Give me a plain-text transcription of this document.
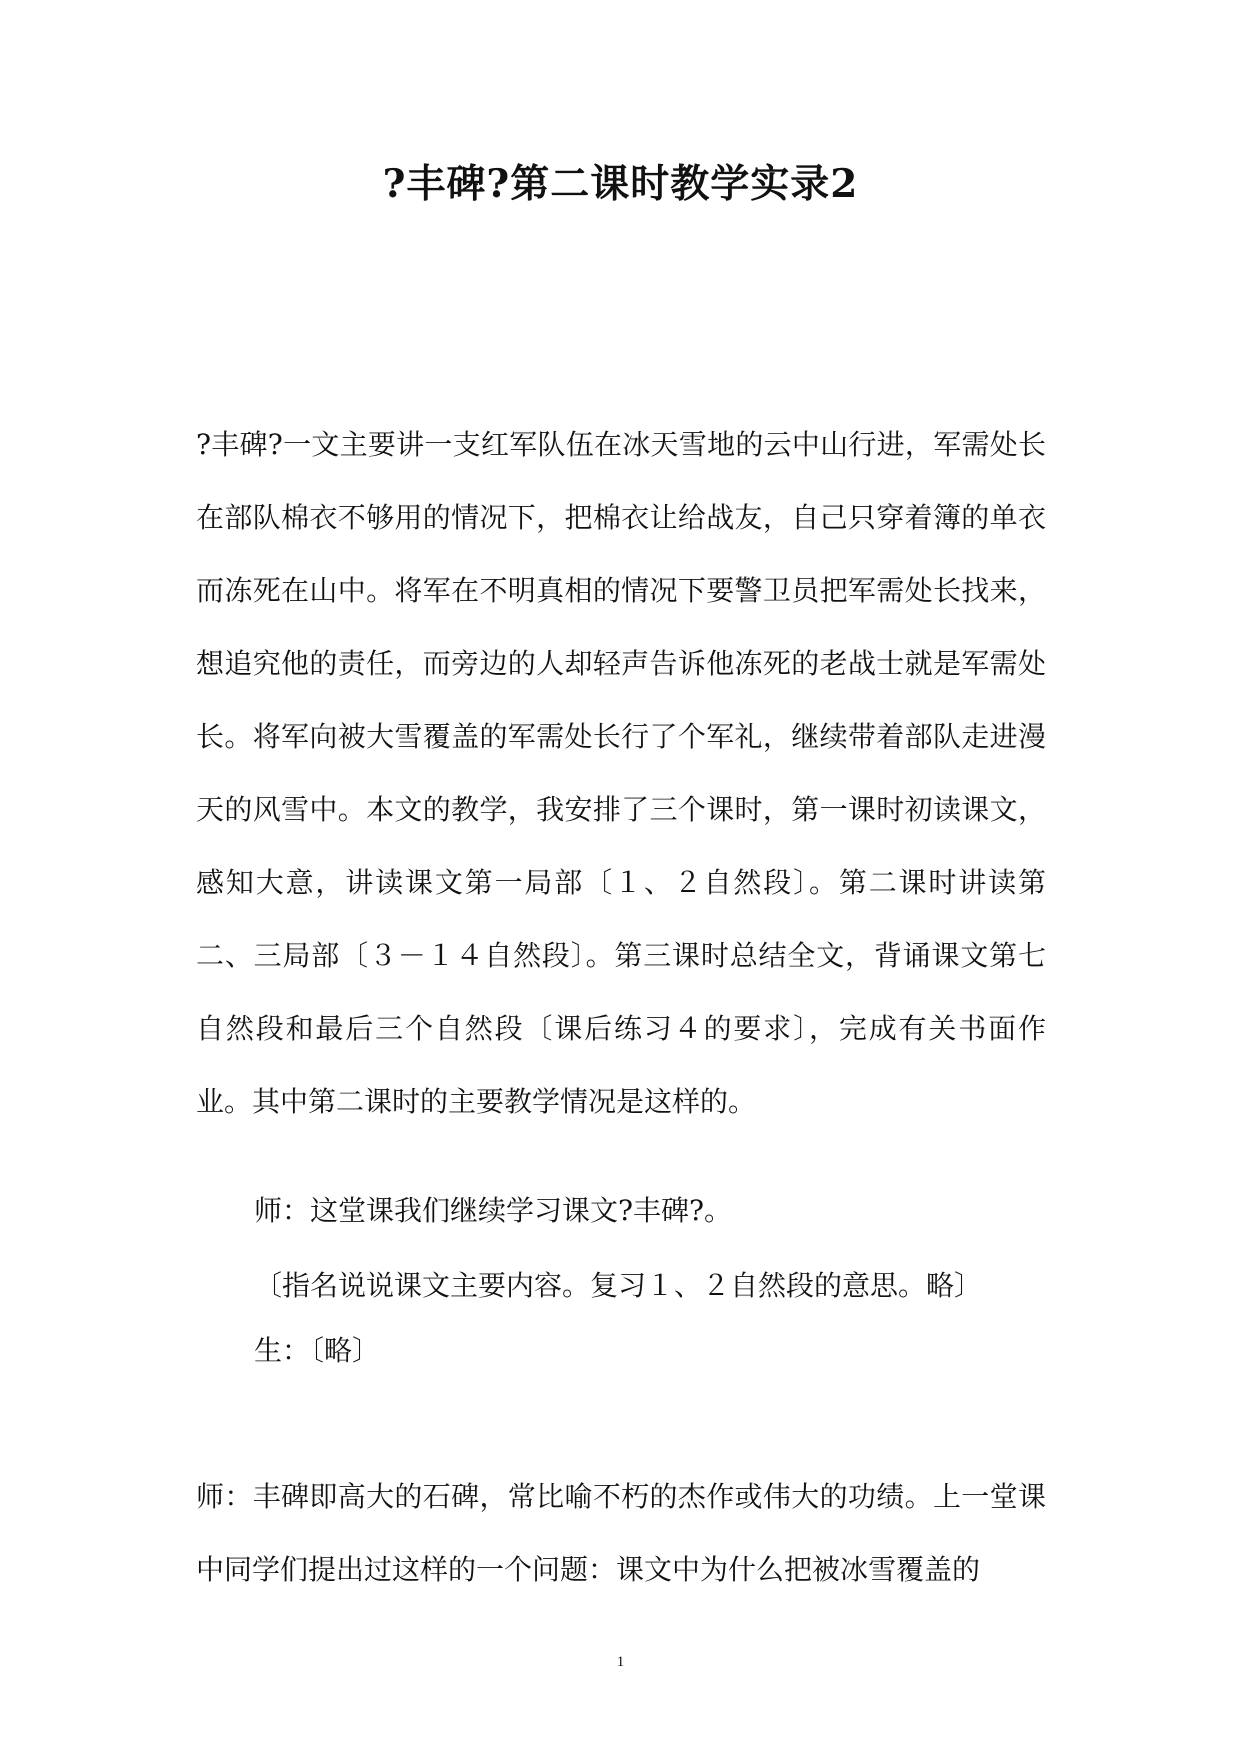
?丰碑?第二课时教学实录2
?丰碑?一文主要讲一支红军队伍在冰天雪地的云中山行进，军需处长在部队棉衣不够用的情况下，把棉衣让给战友，自己只穿着簿的单衣而冻死在山中。将军在不明真相的情况下要警卫员把军需处长找来，想追究他的责任，而旁边的人却轻声告诉他冻死的老战士就是军需处长。将军向被大雪覆盖的军需处长行了个军礼，继续带着部队走进漫天的风雪中。本文的教学，我安排了三个课时，第一课时初读课文，感知大意，讲读课文第一局部〔１、２自然段〕。第二课时讲读第二、三局部〔３－１４自然段〕。第三课时总结全文，背诵课文第七自然段和最后三个自然段〔课后练习４的要求〕，完成有关书面作业。其中第二课时的主要教学情况是这样的。
师：这堂课我们继续学习课文?丰碑?。
〔指名说说课文主要内容。复习１、２自然段的意思。略〕
生：〔略〕
师：丰碑即高大的石碑，常比喻不朽的杰作或伟大的功绩。上一堂课中同学们提出过这样的一个问题：课文中为什么把被冰雪覆盖的
1
